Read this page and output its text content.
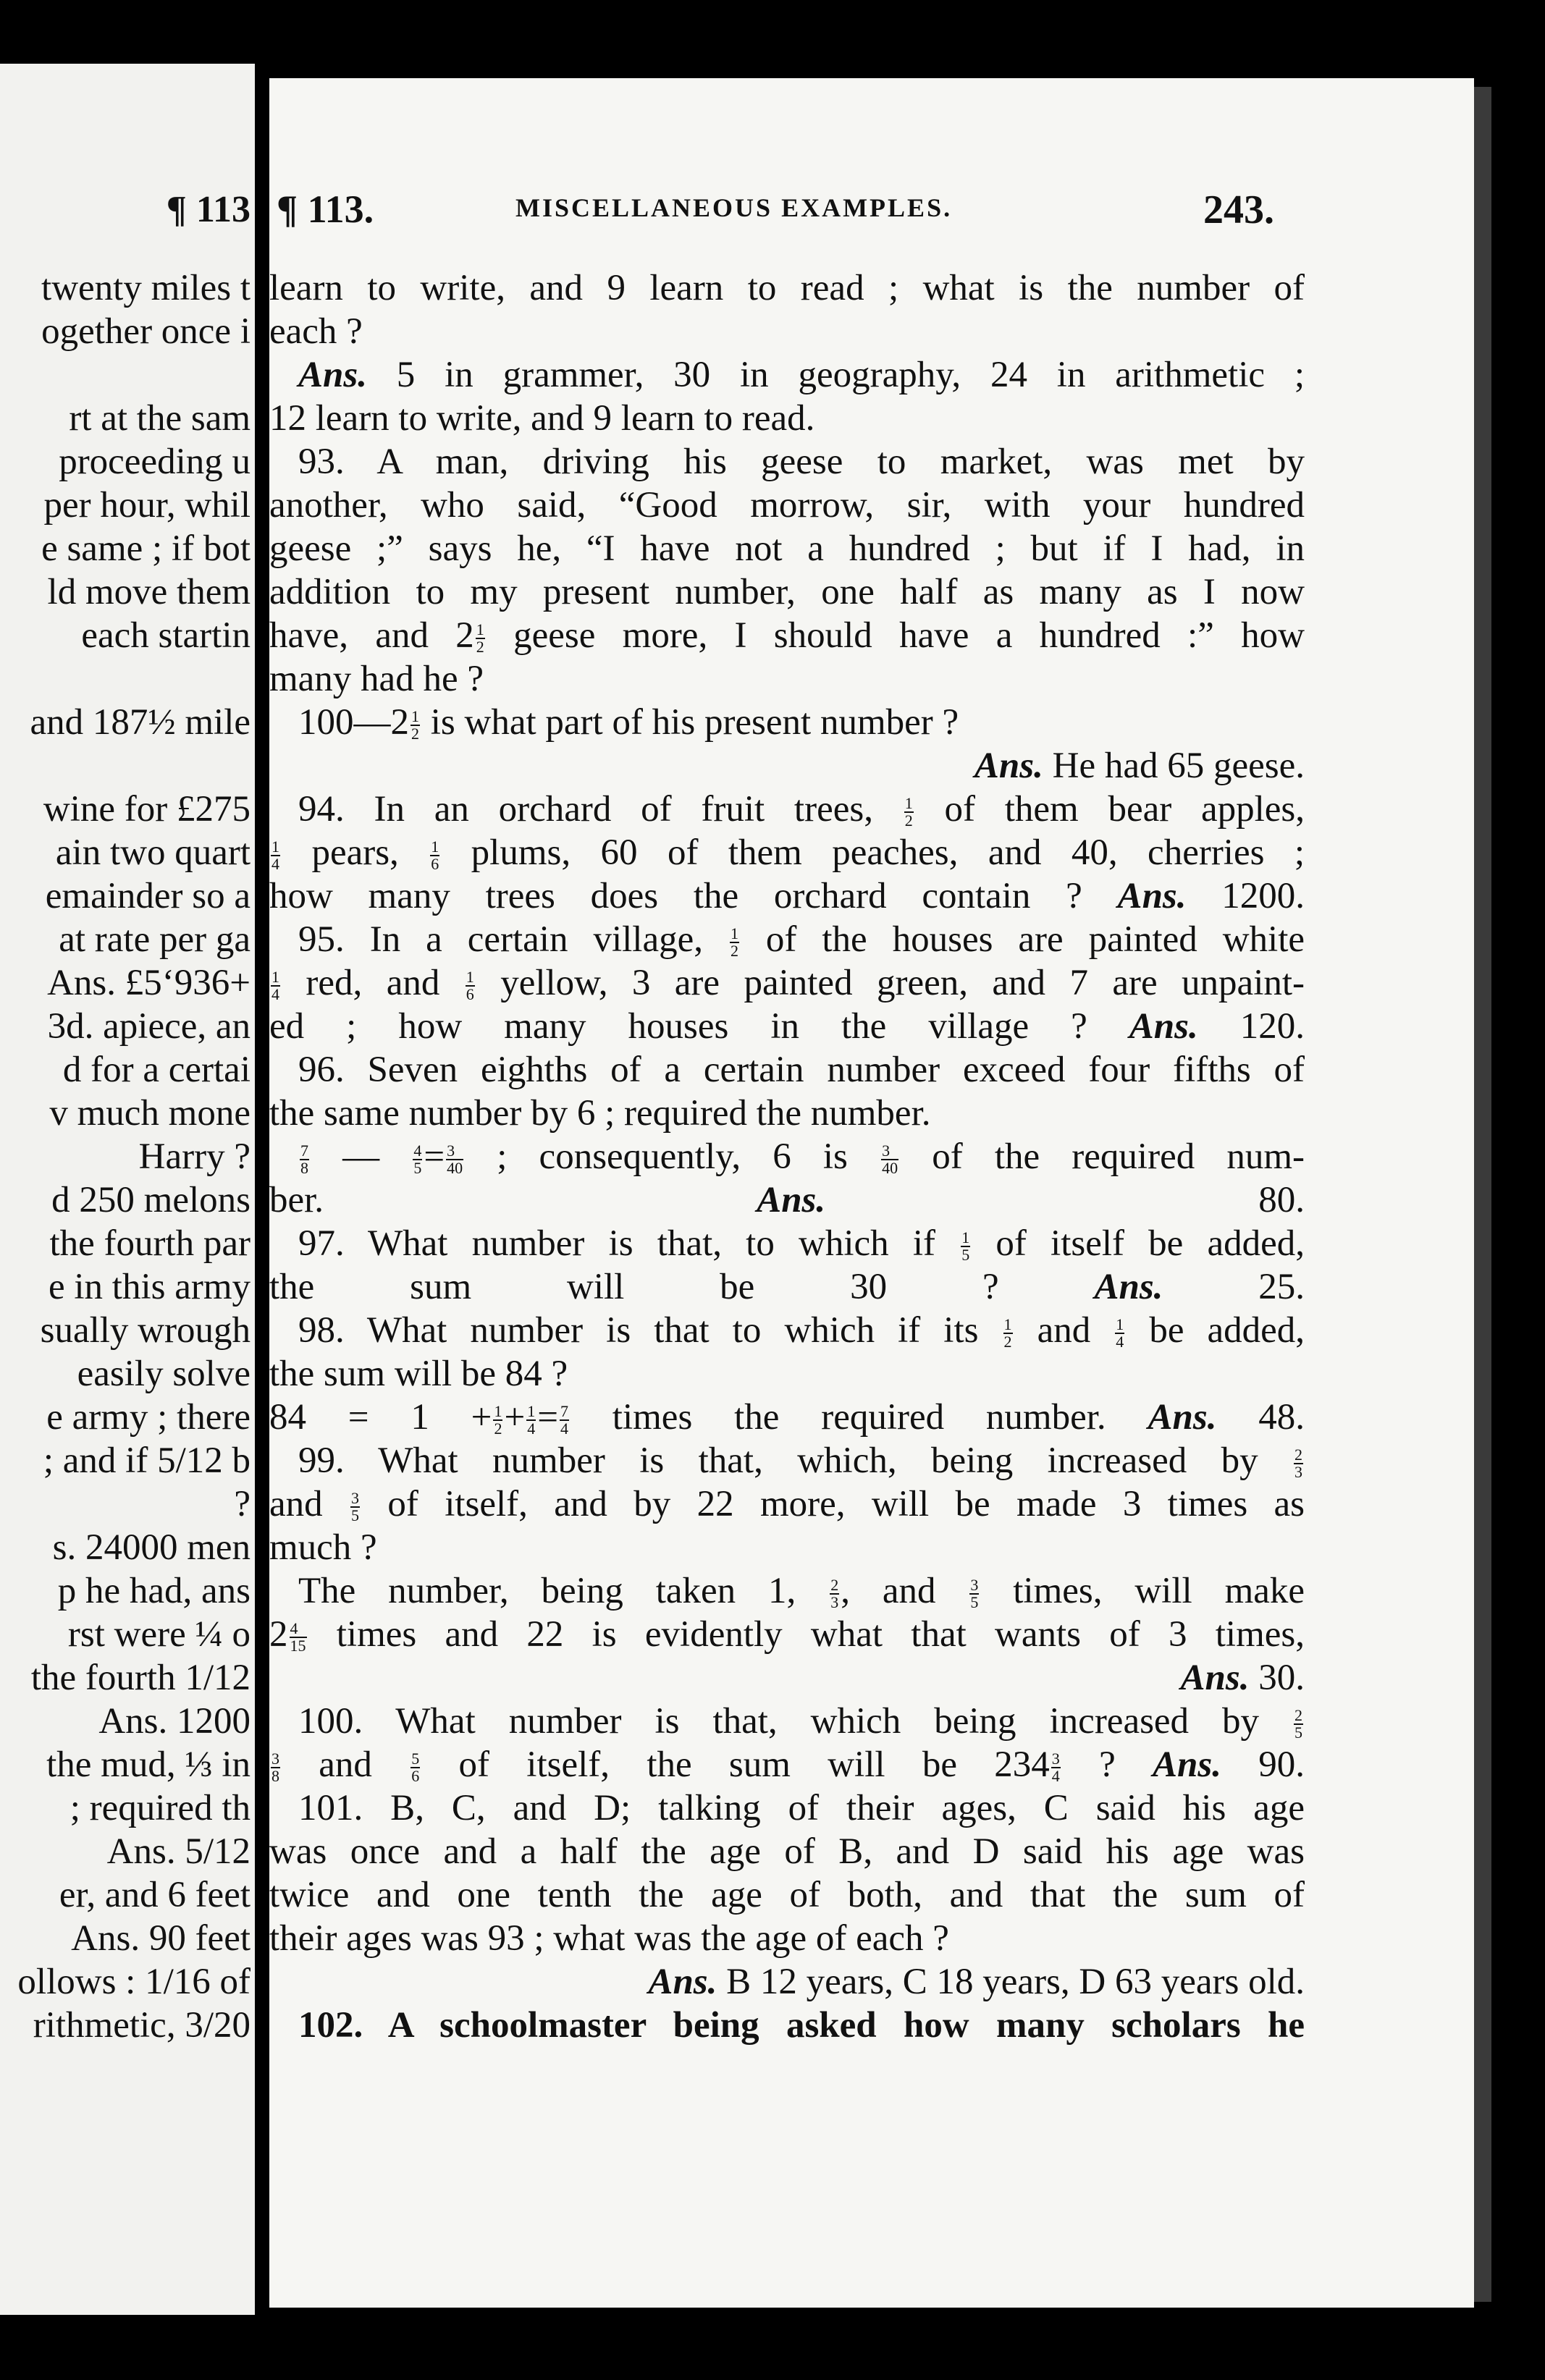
¶ 113
twenty miles t
ogether once i
rt at the sam
proceeding u
per hour, whil
e same ; if bot
ld move them
each startin
and 187½ mile
wine for £275
ain two quart
emainder so a
at rate per ga
Ans. £5‘936+
3d. apiece, an
d for a certai
v much mone
Harry ?
d 250 melons
the fourth par
e in this army
sually wrough
easily solve
e army ; there
; and if 5/12 b
?
s. 24000 men
p he had, ans
rst were ¼ o
the fourth 1/12
Ans. 1200
the mud, ⅓ in
; required th
Ans. 5/12
er, and 6 feet
Ans. 90 feet
ollows : 1/16 of
rithmetic, 3/20
¶ 113.	MISCELLANEOUS EXAMPLES.	243.
learn to write, and 9 learn to read ; what is the number of
each ?
Ans. 5 in grammer, 30 in geography, 24 in arithmetic ;
12 learn to write, and 9 learn to read.
93. A man, driving his geese to market, was met by
another, who said, “Good morrow, sir, with your hundred
geese ;” says he, “I have not a hundred ; but if I had, in
addition to my present number, one half as many as I now
have, and $2 \frac{1}{2}$ geese more, I should have a hundred :” how
many had he ?
100—2 $\frac{1}{2}$ is what part of his present number ?
Ans. He had 65 geese.
94. In an orchard of fruit trees, $\frac{1}{2}$ of them bear apples,
$\frac{1}{4}$ pears, $\frac{1}{6}$ plums, 60 of them peaches, and 40, cherries ;
how many trees does the orchard contain ? Ans. 1200.
95. In a certain village, $\frac{1}{2}$ of the houses are painted white
$\frac{1}{4}$ red, and $\frac{1}{6}$ yellow, 3 are painted green, and 7 are unpaint-
ed ; how many houses in the village ? Ans. 120.
96. Seven eighths of a certain number exceed four fifths of
the same number by 6 ; required the number.
$\frac{7}{8}$ — $\frac{4}{5} = \frac{3}{40}$ ; consequently, 6 is $\frac{3}{40}$ of the required num-
ber.	Ans.	80.
97. What number is that, to which if $\frac{1}{5}$ of itself be added,
the sum will be 30 ?	Ans.	25.
98. What number is that to which if its $\frac{1}{2}$ and $\frac{1}{4}$ be added,
the sum will be 84 ?
$84 = 1 + \frac{1}{2} + \frac{1}{4} = \frac{7}{4}$ times the required number. Ans. 48.
99. What number is that, which, being increased by $\frac{2}{3}$
and $\frac{3}{5}$ of itself, and by 22 more, will be made 3 times as
much ?
The number, being taken 1, $\frac{2}{3}$ , and $\frac{3}{5}$ times, will make
$2 \frac{4}{15}$ times and 22 is evidently what that wants of 3 times,
Ans. 30.
100. What number is that, which being increased by $\frac{2}{5}$
$\frac{3}{8}$ and $\frac{5}{6}$ of itself, the sum will be $234 \frac{3}{4}$ ? Ans. 90.
101. B, C, and D; talking of their ages, C said his age
was once and a half the age of B, and D said his age was
twice and one tenth the age of both, and that the sum of
their ages was 93 ; what was the age of each ?
Ans. B 12 years, C 18 years, D 63 years old.
102. A schoolmaster being asked how many scholars he
